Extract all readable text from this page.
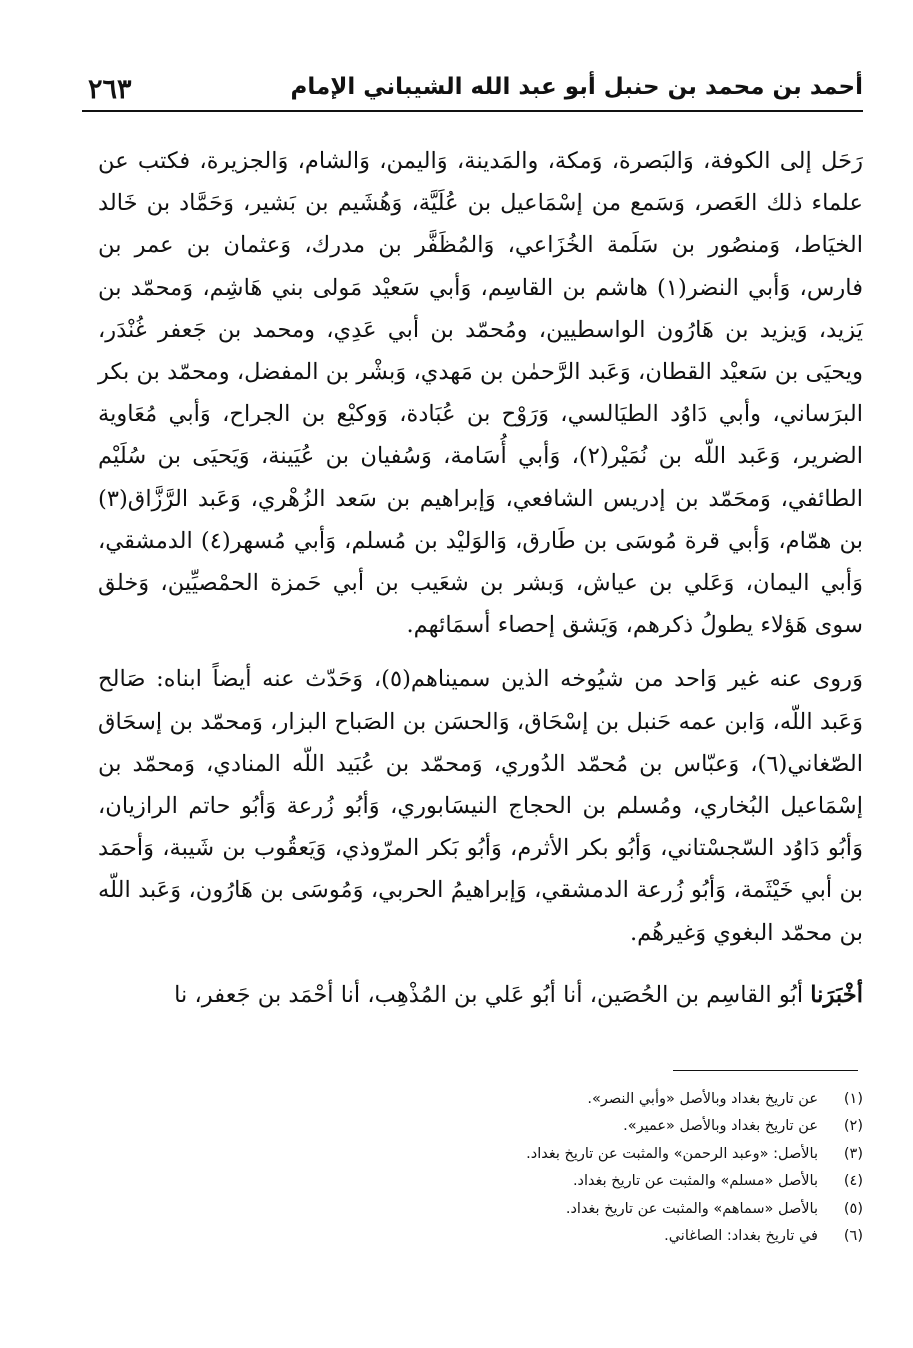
٢٦٣	أحمد بن محمد بن حنبل أبو عبد الله الشيباني الإمام

رَحَل إلى الكوفة، وَالبَصرة، وَمكة، والمَدينة، وَاليمن، وَالشام، وَالجزيرة، فكتب عن علماء ذلك العَصر، وَسَمع من إسْمَاعيل بن عُلَيَّة، وَهُشَيم بن بَشير، وَحَمَّاد بن خَالد الخيَاط، وَمنصُور بن سَلَمة الخُزَاعي، وَالمُظَفَّر بن مدرك، وَعثمان بن عمر بن فارس، وَأبي النضر(١) هاشم بن القاسِم، وَأبي سَعيْد مَولى بني هَاشِم، وَمحمّد بن يَزيد، وَيزيد بن هَارُون الواسطيين، ومُحمّد بن أبي عَدِي، ومحمد بن جَعفر غُنْدَر، ويحيَى بن سَعيْد القطان، وَعَبد الرَّحمٰن بن مَهدي، وَبشْر بن المفضل، ومحمّد بن بكر البرَساني، وأبي دَاوُد الطيَالسي، وَرَوْح بن عُبَادة، وَوكيْع بن الجراح، وَأبي مُعَاوية الضرير، وَعَبد اللّه بن نُمَيْر(٢)، وَأبي أُسَامة، وَسُفيان بن عُيَينة، وَيَحيَى بن سُلَيْم الطائفي، وَمحَمّد بن إدريس الشافعي، وَإبراهيم بن سَعد الزُهْري، وَعَبد الرَّزَّاق(٣) بن همّام، وَأبي قرة مُوسَى بن طَارق، وَالوَليْد بن مُسلم، وَأبي مُسهر(٤) الدمشقي، وَأبي اليمان، وَعَلي بن عياش، وَبشر بن شعَيب بن أبي حَمزة الحمْصيِّين، وَخلق سوى هَؤلاء يطولُ ذكرهم، وَيَشق إحصاء أسمَائهم.

وَروى عنه غير وَاحد من شيُوخه الذين سميناهم(٥)، وَحَدّث عنه أيضاً ابناه: صَالح وَعَبد اللّه، وَابن عمه حَنبل بن إسْحَاق، وَالحسَن بن الصَباح البزار، وَمحمّد بن إسحَاق الصّغاني(٦)، وَعبّاس بن مُحمّد الدُوري، وَمحمّد بن عُبَيد اللّه المنادي، وَمحمّد بن إسْمَاعيل البُخاري، ومُسلم بن الحجاج النيسَابوري، وَأبُو زُرعة وَأبُو حاتم الرازيان، وَأبُو دَاوُد السّجسْتاني، وَأبُو بكر الأثرم، وَأبُو بَكر المرّوذي، وَيَعقُوب بن شَيبة، وَأحمَد بن أبي خَيْثَمة، وَأبُو زُرعة الدمشقي، وَإبراهيمُ الحربي، وَمُوسَى بن هَارُون، وَعَبد اللّه بن محمّد البغوي وَغيرهُم.

أخْبَرَنا أبُو القاسِم بن الحُصَين، أنا أبُو عَلي بن المُذْهِب، أنا أحْمَد بن جَعفر، نا

(١)
عن تاريخ بغداد وبالأصل «وأبي النصر».
(٢)
عن تاريخ بغداد وبالأصل «عمير».
(٣)
بالأصل: «وعبد الرحمن» والمثبت عن تاريخ بغداد.
(٤)
بالأصل «مسلم» والمثبت عن تاريخ بغداد.
(٥)
بالأصل «سماهم» والمثبت عن تاريخ بغداد.
(٦)
في تاريخ بغداد: الصاغاني.
